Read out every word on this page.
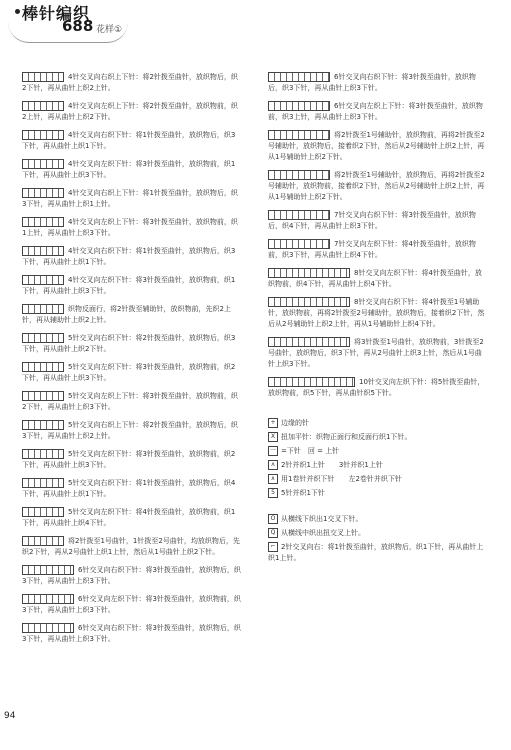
棒针编织
688 花样①
4针交叉向右织上下针：将2针拨至曲针，放织物后，织2下针，再从曲针上织2上针。
4针交叉向左织上下针：将2针拨至曲针，放织物前，织2上针，再从曲针上织2下针。
4针交叉向右织下针：将1针拨至曲针，放织物后，织3下针，再从曲针上织1下针。
4针交叉向左织下针：将3针拨至曲针，放织物前，织1下针，再从曲针上织3下针。
4针交叉向右织上下针：将1针拨至曲针，放织物后，织3下针，再从曲针上织1上针。
4针交叉向左织上下针：将3针拨至曲针，放织物前，织1上针，再从曲针上织3下针。
4针交叉向右织下针：将1针拨至曲针，放织物后，织3下针，再从曲针上织1下针。
4针交叉向左织下针：将3针拨至曲针，放织物前，织1下针，再从曲针上织3下针。
织物反面行，将2针拨至辅助针，放织物前，先织2上针，再从辅助针上织2上针。
5针交叉向右织下针：将2针拨至曲针，放织物后，织3下针，再从曲针上织2下针。
5针交叉向左织下针：将3针拨至曲针，放织物前，织2下针，再从曲针上织3下针。
5针交叉向左织上下针：将3针拨至曲针，放织物前，织2下针，再从曲针上织3下针。
5针交叉向右织上下针：将2针拨至曲针，放织物后，织3下针，再从曲针上织2上针。
5针交叉向左织下针：将3针拨至曲针，放织物前，织2下针，再从曲针上织3下针。
5针交叉向右织下针：将1针拨至曲针，放织物后，织4下针，再从曲针上织1下针。
5针交叉向左织下针：将4针拨至曲针，放织物前，织1下针，再从曲针上织4下针。
将2针拨至1号曲针，1针拨至2号曲针，均放织物后，先织2下针，再从2号曲针上织1上针，然后从1号曲针上织2下针。
6针交叉向右织下针：将3针拨至曲针，放织物后，织3下针，再从曲针上织3下针。
6针交叉向左织下针：将3针拨至曲针，放织物前，织3下针，再从曲针上织3下针。
6针交叉向右织下针：将3针拨至曲针，放织物后，织3下针，再从曲针上织3下针。
6针交叉向右织下针：将3针拨至曲针，放织物后，织3下针，再从曲针上织3下针。
6针交叉向左织上下针：将3针拨至曲针，放织物前，织3上针，再从曲针上织3下针。
将2针拨至1号辅助针，放织物前，再将2针拨至2号辅助针，放织物后，接着织2下针，然后从2号辅助针上织2上针，再从1号辅助针上织2下针。
将2针拨至1号辅助针，放织物后，再将2针拨至2号辅助针，放织物前，接着织2下针，然后从2号辅助针上织2上针，再从1号辅助针上织2下针。
7针交叉向右织下针：将3针拨至曲针，放织物后，织4下针，再从曲针上织3下针。
7针交叉向左织下针：将4针拨至曲针，放织物前，织3下针，再从曲针上织4下针。
8针交叉向左织下针：将4针拨至曲针，放织物前，织4下针，再从曲针上织4下针。
8针交叉向右织下针：将4针拨至1号辅助针，放织物前，再将2针拨至2号辅助针，放织物后，接着织2下针，然后从2号辅助针上织2上针，再从1号辅助针上织4下针。
将3针拨至1号曲针，放织物前，3针拨至2号曲针，放织物后，织3下针，再从2号曲针上织3上针，然后从1号曲针上织3下针。
10针交叉向左织下针：将5针拨至曲针，放织物前，织5下针，再从曲针织5下针。
+ 边缘的针
X 扭加平针：织物正面行和反面行织1下针。
一 =下针　回 = 上针
ʌ 2针并织1上针　　3针并织1上针
∧ 用1卷针并织下针　　左2卷针并织下针
5 5针并织1下针
O 从横线下织出1交叉下针。
Q 从横线中织出扭交叉上针。
⌐ 2针交叉向右：将1针拨至曲针，放织物后，织1下针，再从曲针上织1上针。
94
